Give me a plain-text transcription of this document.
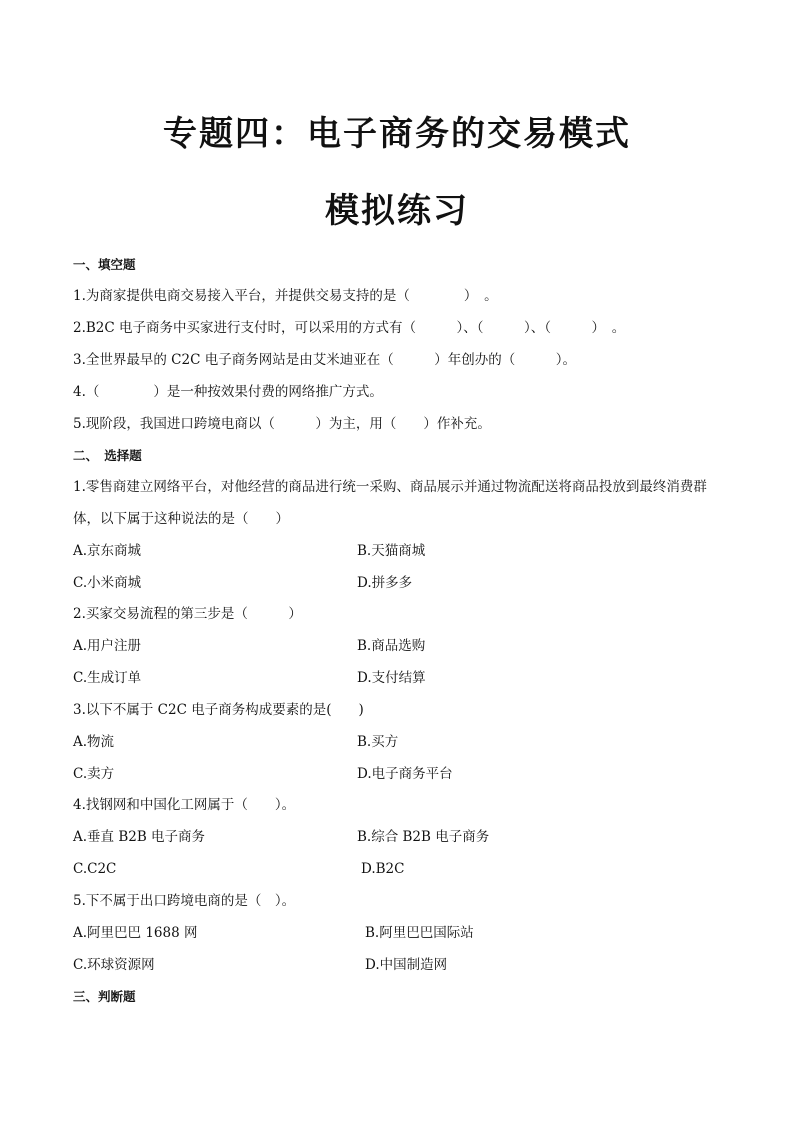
专题四：电子商务的交易模式
模拟练习
一、填空题
1.为商家提供电商交易接入平台，并提供交易支持的是（　　　　）　。
2.B2C 电子商务中买家进行支付时，可以采用的方式有（　　　）、（　　　）、（　　　）　。
3.全世界最早的 C2C 电子商务网站是由艾米迪亚在（　　　）年创办的（　　　）。
4.（　　　　）是一种按效果付费的网络推广方式。
5.现阶段，我国进口跨境电商以（　　　）为主，用（　　）作补充。
二、　选择题
1.零售商建立网络平台，对他经营的商品进行统一采购、商品展示并通过物流配送将商品投放到最终消费群
体，以下属于这种说法的是（　　）
A.京东商城	B.天猫商城
C.小米商城	D.拼多多
2.买家交易流程的第三步是（　　　）
A.用户注册	B.商品选购
C.生成订单	D.支付结算
3.以下不属于 C2C 电子商务构成要素的是(　　)
A.物流	B.买方
C.卖方	D.电子商务平台
4.找钢网和中国化工网属于（　　）。
A.垂直 B2B 电子商务	B.综合 B2B 电子商务
C.C2C	D.B2C
5.下不属于出口跨境电商的是（　）。
A.阿里巴巴 1688 网	B.阿里巴巴国际站
C.环球资源网	D.中国制造网
三、判断题
